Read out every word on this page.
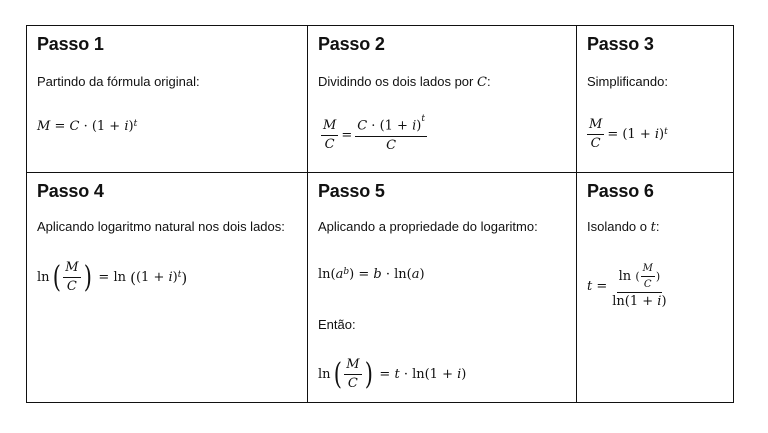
Passo 1
Partindo da fórmula original:
M = C · (1 + i ) $^t$
Passo 2
Dividindo os dois lados por C:
$\frac{M}{C} = \frac{C \cdot (1 + i)^t}{C}$
Passo 3
Simplificando:
$\frac{M}{C} = (1 + i$ ) $^t$
Passo 4
Aplicando logaritmo natural nos dois lados:
ln ( $\frac{M}{C}$ ) = ln ( (1 + i ) $^t$ )
Passo 5
Aplicando a propriedade do logaritmo:
ln( a $^b$ ) = b · ln( a )
Então:
ln ( $\frac{M}{C}$ ) = t · ln(1 + i )
Passo 6
Isolando o t:
$t = \frac{\ln ( \frac{M}{C} )}{\ln(1 + i)}$
